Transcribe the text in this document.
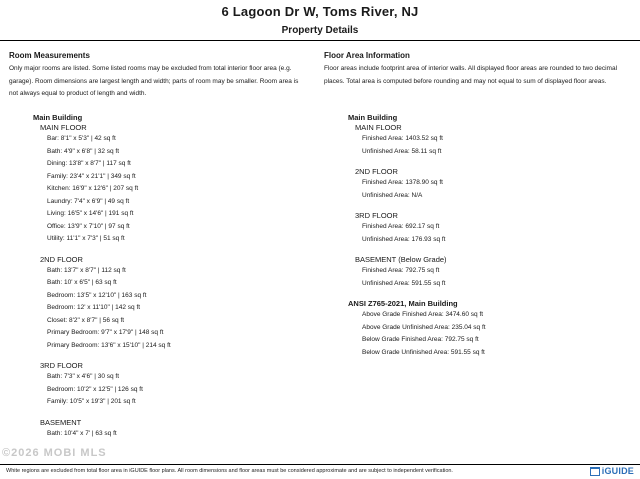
6 Lagoon Dr W, Toms River, NJ
Property Details
Room Measurements

Only major rooms are listed. Some listed rooms may be excluded from total interior floor area (e.g. garage). Room dimensions are largest length and width; parts of room may be smaller. Room area is not always equal to product of length and width.

Floor Area Information

Floor areas include footprint area of interior walls. All displayed floor areas are rounded to two decimal places. Total area is computed before rounding and may not equal to sum of displayed floor areas.

Main Building
MAIN FLOOR
Bar: 8'1" x 5'3" | 42 sq ft
Bath: 4'9" x 6'8" | 32 sq ft
Dining: 13'8" x 8'7" | 117 sq ft
Family: 23'4" x 21'1" | 349 sq ft
Kitchen: 16'9" x 12'6" | 207 sq ft
Laundry: 7'4" x 6'9" | 49 sq ft
Living: 16'5" x 14'6" | 191 sq ft
Office: 13'9" x 7'10" | 97 sq ft
Utility: 11'1" x 7'3" | 51 sq ft
2ND FLOOR
Bath: 13'7" x 8'7" | 112 sq ft
Bath: 10' x 6'5" | 63 sq ft
Bedroom: 13'5" x 12'10" | 163 sq ft
Bedroom: 12' x 11'10" | 142 sq ft
Closet: 8'2" x 8'7" | 56 sq ft
Primary Bedroom: 9'7" x 17'9" | 148 sq ft
Primary Bedroom: 13'6" x 15'10" | 214 sq ft
3RD FLOOR
Bath: 7'3" x 4'6" | 30 sq ft
Bedroom: 10'2" x 12'5" | 126 sq ft
Family: 10'5" x 19'3" | 201 sq ft
BASEMENT
Bath: 10'4" x 7' | 63 sq ft
Main Building
MAIN FLOOR
Finished Area: 1403.52 sq ft
Unfinished Area: 58.11 sq ft
2ND FLOOR
Finished Area: 1378.90 sq ft
Unfinished Area: N/A
3RD FLOOR
Finished Area: 692.17 sq ft
Unfinished Area: 176.93 sq ft
BASEMENT (Below Grade)
Finished Area: 792.75 sq ft
Unfinished Area: 591.55 sq ft
ANSI Z765-2021, Main Building
Above Grade Finished Area: 3474.60 sq ft
Above Grade Unfinished Area: 235.04 sq ft
Below Grade Finished Area: 792.75 sq ft
Below Grade Unfinished Area: 591.55 sq ft
©2026 MOBI MLS
White regions are excluded from total floor area in iGUIDE floor plans. All room dimensions and floor areas must be considered approximate and are subject to independent verification.	iGUIDE
